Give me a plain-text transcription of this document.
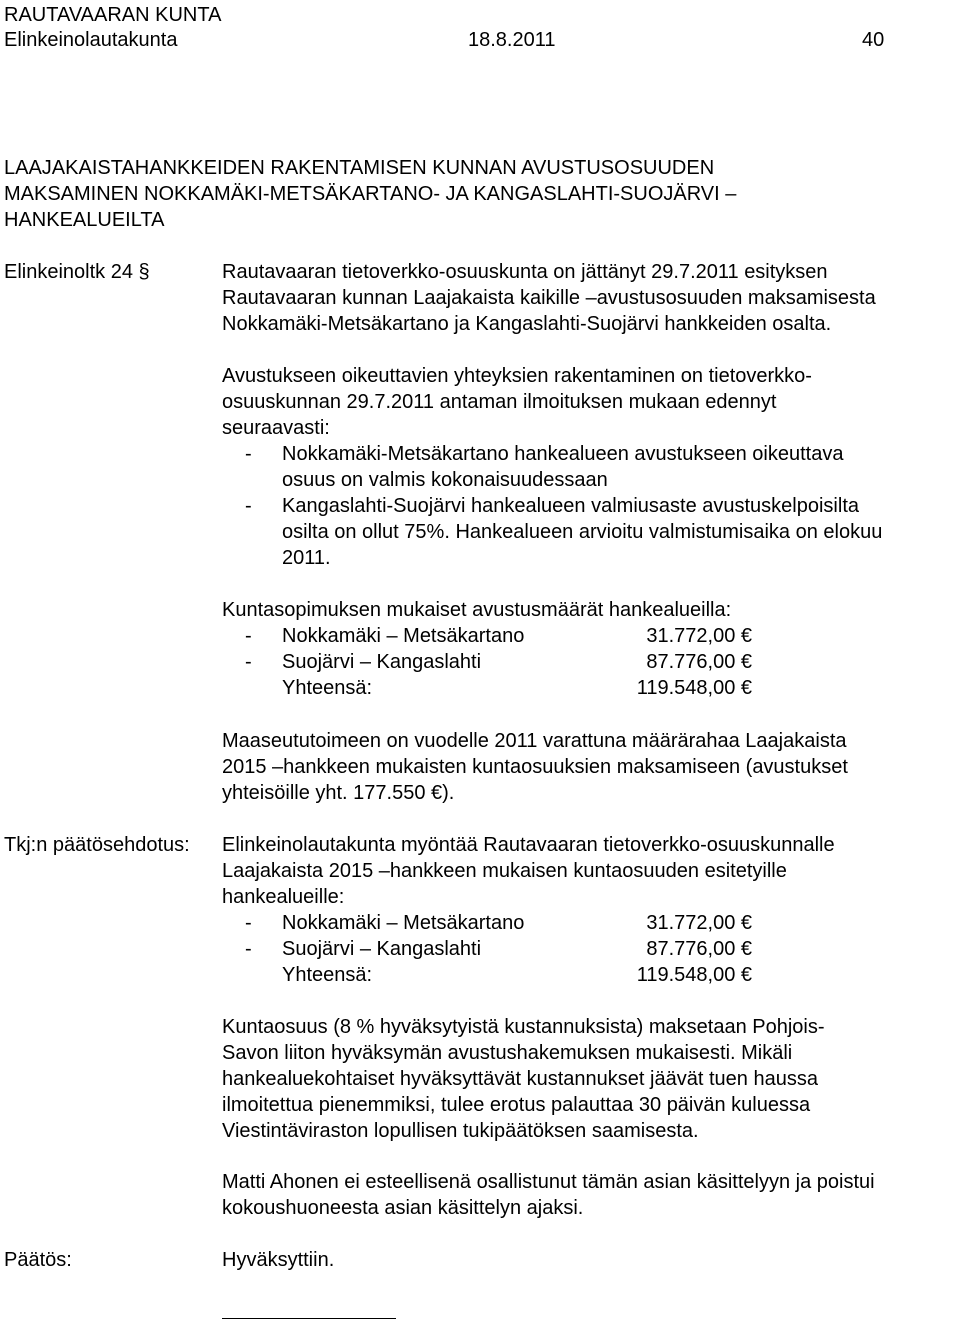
RAUTAVAARAN KUNTA
Elinkeinolautakunta	18.8.2011	40
LAAJAKAISTAHANKKEIDEN RAKENTAMISEN KUNNAN AVUSTUSOSUUDEN
MAKSAMINEN NOKKAMÄKI-METSÄKARTANO- JA KANGASLAHTI-SUOJÄRVI –
HANKEALUEILTA
Elinkeinoltk 24 §	Rautavaaran tietoverkko-osuuskunta on jättänyt 29.7.2011 esityksen
Rautavaaran kunnan Laajakaista kaikille –avustusosuuden maksamisesta
Nokkamäki-Metsäkartano ja Kangaslahti-Suojärvi hankkeiden osalta.
Avustukseen oikeuttavien yhteyksien rakentaminen on tietoverkko-
osuuskunnan 29.7.2011 antaman ilmoituksen mukaan edennyt
seuraavasti:
- Nokkamäki-Metsäkartano hankealueen avustukseen oikeuttava
osuus on valmis kokonaisuudessaan
- Kangaslahti-Suojärvi hankealueen valmiusaste avustuskelpoisilta
osilta on ollut 75%. Hankealueen arvioitu valmistumisaika on elokuu
2011.
Kuntasopimuksen mukaiset avustusmäärät hankealueilla:
- Nokkamäki – Metsäkartano	31.772,00 €
- Suojärvi – Kangaslahti	87.776,00 €
Yhteensä:	119.548,00 €
Maaseututoimeen on vuodelle 2011 varattuna määrärahaa Laajakaista
2015 –hankkeen mukaisten kuntaosuuksien maksamiseen (avustukset
yhteisöille yht. 177.550 €).
Tkj:n päätösehdotus: Elinkeinolautakunta myöntää Rautavaaran tietoverkko-osuuskunnalle
Laajakaista 2015 –hankkeen mukaisen kuntaosuuden esitetyille
hankealueille:
- Nokkamäki – Metsäkartano	31.772,00 €
- Suojärvi – Kangaslahti	87.776,00 €
Yhteensä:	119.548,00 €
Kuntaosuus (8 % hyväksytyistä kustannuksista) maksetaan Pohjois-
Savon liiton hyväksymän avustushakemuksen mukaisesti. Mikäli
hankealuekohtaiset hyväksyttävät kustannukset jäävät tuen haussa
ilmoitettua pienemmiksi, tulee erotus palauttaa 30 päivän kuluessa
Viestintäviraston lopullisen tukipäätöksen saamisesta.
Matti Ahonen ei esteellisenä osallistunut tämän asian käsittelyyn ja poistui
kokoushuoneesta asian käsittelyn ajaksi.
Päätös:	Hyväksyttiin.
